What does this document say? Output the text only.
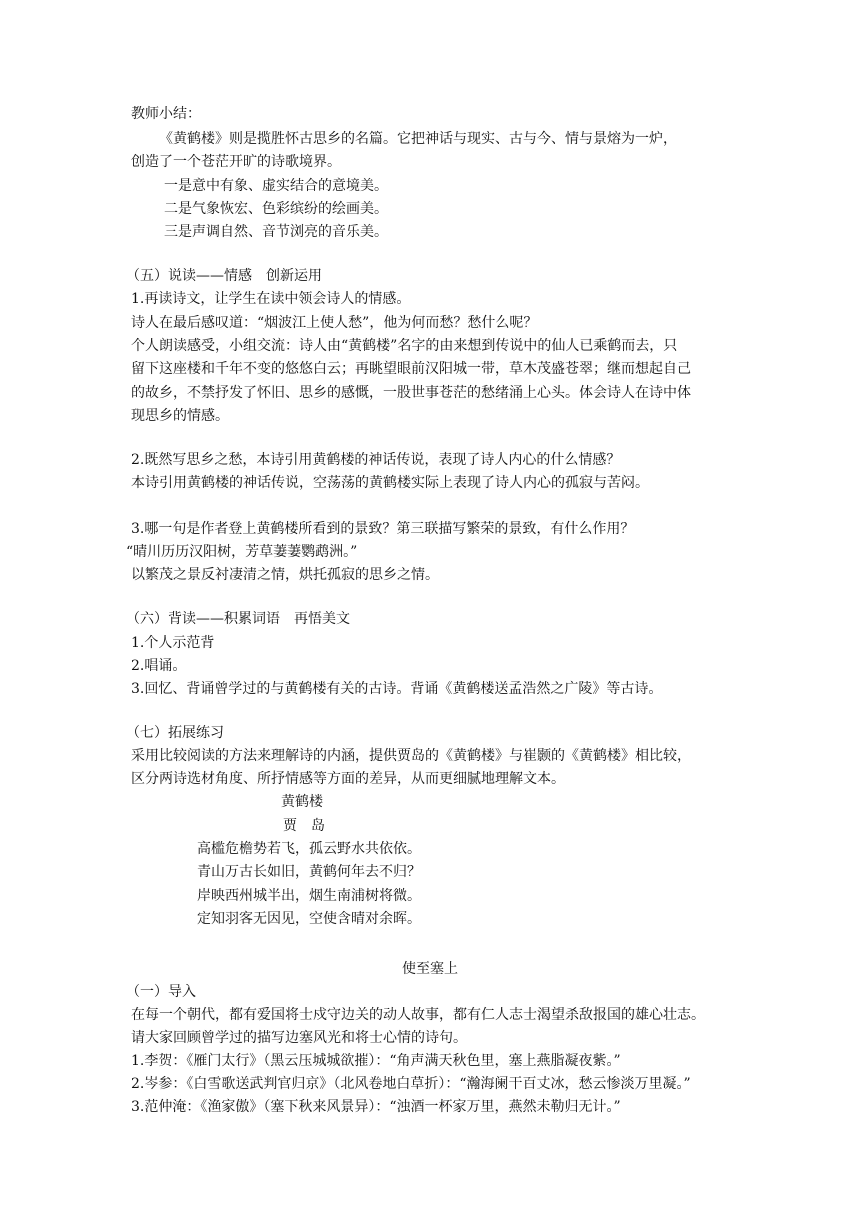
教师小结：
《黄鹤楼》则是揽胜怀古思乡的名篇。它把神话与现实、古与今、情与景熔为一炉，
创造了一个苍茫开旷的诗歌境界。
一是意中有象、虚实结合的意境美。
二是气象恢宏、色彩缤纷的绘画美。
三是声调自然、音节浏亮的音乐美。
（五）说读——情感　创新运用
1.再读诗文，让学生在读中领会诗人的情感。
诗人在最后感叹道：“烟波江上使人愁”，他为何而愁？愁什么呢？
个人朗读感受，小组交流：诗人由“黄鹤楼”名字的由来想到传说中的仙人已乘鹤而去，只
留下这座楼和千年不变的悠悠白云；再眺望眼前汉阳城一带，草木茂盛苍翠；继而想起自己
的故乡，不禁抒发了怀旧、思乡的感慨，一股世事苍茫的愁绪涌上心头。体会诗人在诗中体
现思乡的情感。
2.既然写思乡之愁，本诗引用黄鹤楼的神话传说，表现了诗人内心的什么情感？
本诗引用黄鹤楼的神话传说，空荡荡的黄鹤楼实际上表现了诗人内心的孤寂与苦闷。
3.哪一句是作者登上黄鹤楼所看到的景致？第三联描写繁荣的景致，有什么作用？
“晴川历历汉阳树，芳草萋萋鹦鹉洲。”
以繁茂之景反衬凄清之情，烘托孤寂的思乡之情。
（六）背读——积累词语　再悟美文
1.个人示范背
2.唱诵。
3.回忆、背诵曾学过的与黄鹤楼有关的古诗。背诵《黄鹤楼送孟浩然之广陵》等古诗。
（七）拓展练习
采用比较阅读的方法来理解诗的内涵，提供贾岛的《黄鹤楼》与崔颢的《黄鹤楼》相比较，
区分两诗选材角度、所抒情感等方面的差异，从而更细腻地理解文本。
黄鹤楼
贾　岛
高槛危檐势若飞，孤云野水共依依。
青山万古长如旧，黄鹤何年去不归？
岸映西州城半出，烟生南浦树将微。
定知羽客无因见，空使含晴对余晖。
使至塞上
（一）导入
在每一个朝代，都有爱国将士戍守边关的动人故事，都有仁人志士渴望杀敌报国的雄心壮志。
请大家回顾曾学过的描写边塞风光和将士心情的诗句。
1.李贺：《雁门太行》（黑云压城城欲摧）：“角声满天秋色里，塞上燕脂凝夜紫。”
2.岑参：《白雪歌送武判官归京》（北风卷地白草折）：“瀚海阑干百丈冰，愁云惨淡万里凝。”
3.范仲淹：《渔家傲》（塞下秋来风景异）：“浊酒一杯家万里，燕然未勒归无计。”
